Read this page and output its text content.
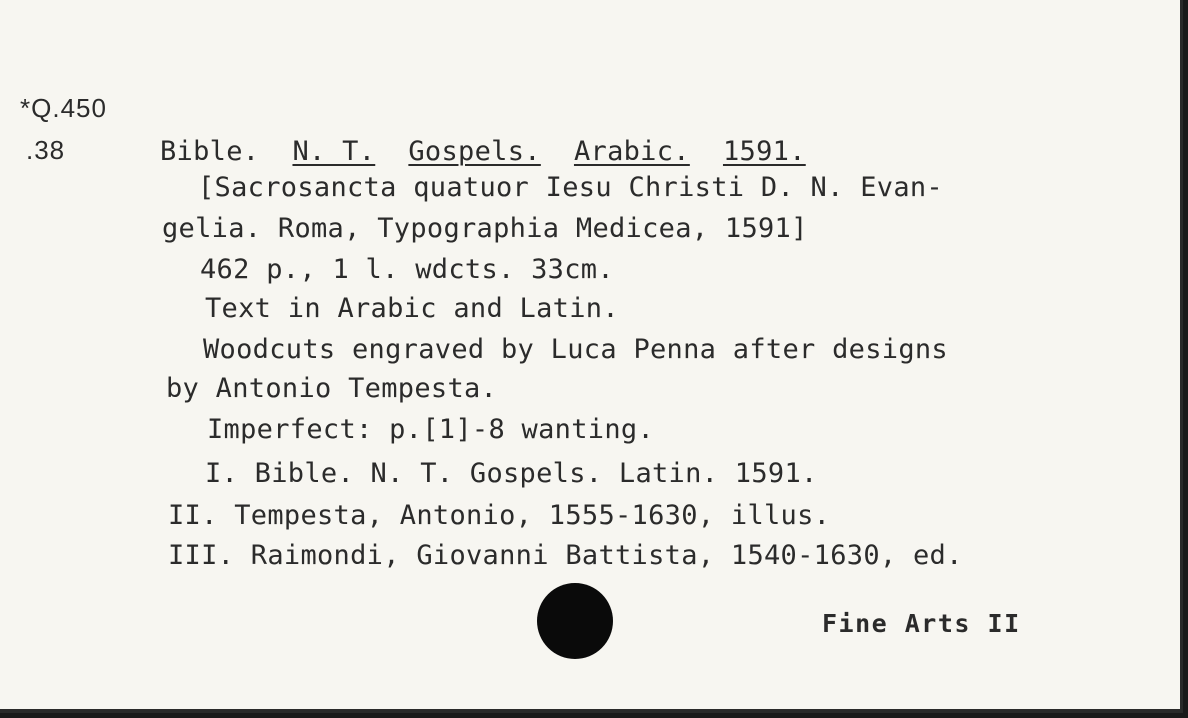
*Q.450
.38	Bible. N. T. Gospels. Arabic. 1591.
[Sacrosancta quatuor Iesu Christi D. N. Evan-
gelia. Roma, Typographia Medicea, 1591]
462 p., 1 l. wdcts. 33cm.
Text in Arabic and Latin.
Woodcuts engraved by Luca Penna after designs
by Antonio Tempesta.
Imperfect: p.[1]-8 wanting.
I. Bible. N. T. Gospels. Latin. 1591.
II. Tempesta, Antonio, 1555-1630, illus.
III. Raimondi, Giovanni Battista, 1540-1630, ed.
Fine Arts II
